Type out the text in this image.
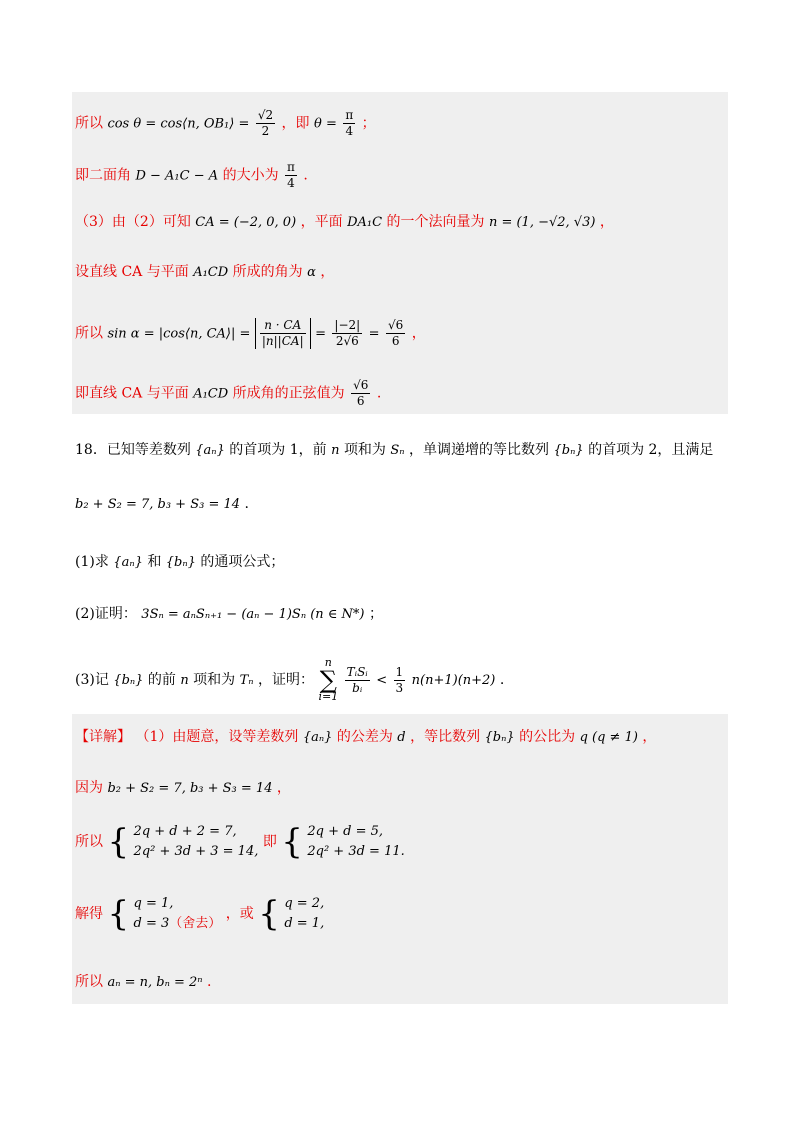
所以 cos θ = cos⟨n, OB₁⟩ = $\frac{√2}{2}$ ，即 $\theta = \frac{\pi}{4}$ ；
即二面角 D − A₁C − A 的大小为 $\frac{\pi}{4}$ .
（3）由（2）可知 CA = (−2, 0, 0) ，平面 DA₁C 的一个法向量为 n = (1, −√2, √3) ，
设直线 CA 与平面 A₁CD 所成的角为 α ，
所以 sin α = |cos⟨n, CA⟩| = $\frac{n \cdot CA}{|n||CA|} = \frac{|-2|}{2√6} = \frac{√6}{6}$ ，
即直线 CA 与平面 A₁CD 所成角的正弦值为 $\frac{√6}{6}$ .
18．已知等差数列 {aₙ} 的首项为 1，前 n 项和为 Sₙ ，单调递增的等比数列 {bₙ} 的首项为 2，且满足
b₂ + S₂ = 7, b₃ + S₃ = 14 .
(1)求 {aₙ} 和 {bₙ} 的通项公式；
(2)证明： 3Sₙ = aₙSₙ₊₁ − (aₙ − 1)Sₙ (n ∈ N*) ；
(3)记 {bₙ} 的前 n 项和为 Tₙ ，证明：
n
∑
i=1

$\frac{\text{TᵢSᵢ}}{\text{bᵢ}} < \frac{1}{3} n(n+1)(n+2)$ .
【详解】 （1）由题意，设等差数列 {aₙ} 的公差为 d ，等比数列 {bₙ} 的公比为 q (q ≠ 1) ，
因为 b₂ + S₂ = 7, b₃ + S₃ = 14 ，
所以 { 2q + d + 2 = 7,
2q² + 3d + 3 = 14,
即 { 2q + d = 5,
2q² + 3d = 11.
解得 { q = 1,
d = 3（舍去）
，或 { q = 2,
d = 1,
所以 aₙ = n, bₙ = 2ⁿ .
